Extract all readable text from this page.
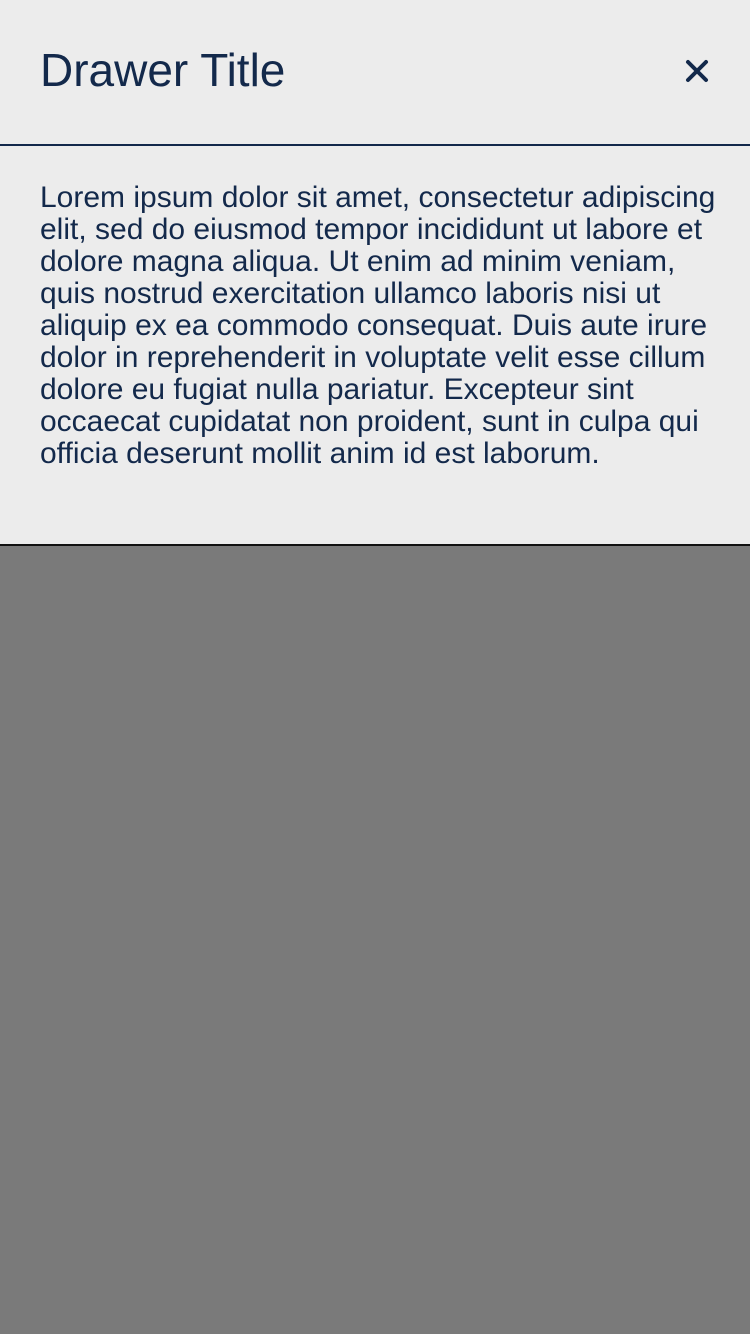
Drawer Title

Lorem ipsum dolor sit amet, consectetur adipiscing elit, sed do eiusmod tempor incididunt ut labore et dolore magna aliqua. Ut enim ad minim veniam, quis nostrud exercitation ullamco laboris nisi ut aliquip ex ea commodo consequat. Duis aute irure dolor in reprehenderit in voluptate velit esse cillum dolore eu fugiat nulla pariatur. Excepteur sint occaecat cupidatat non proident, sunt in culpa qui officia deserunt mollit anim id est laborum.
